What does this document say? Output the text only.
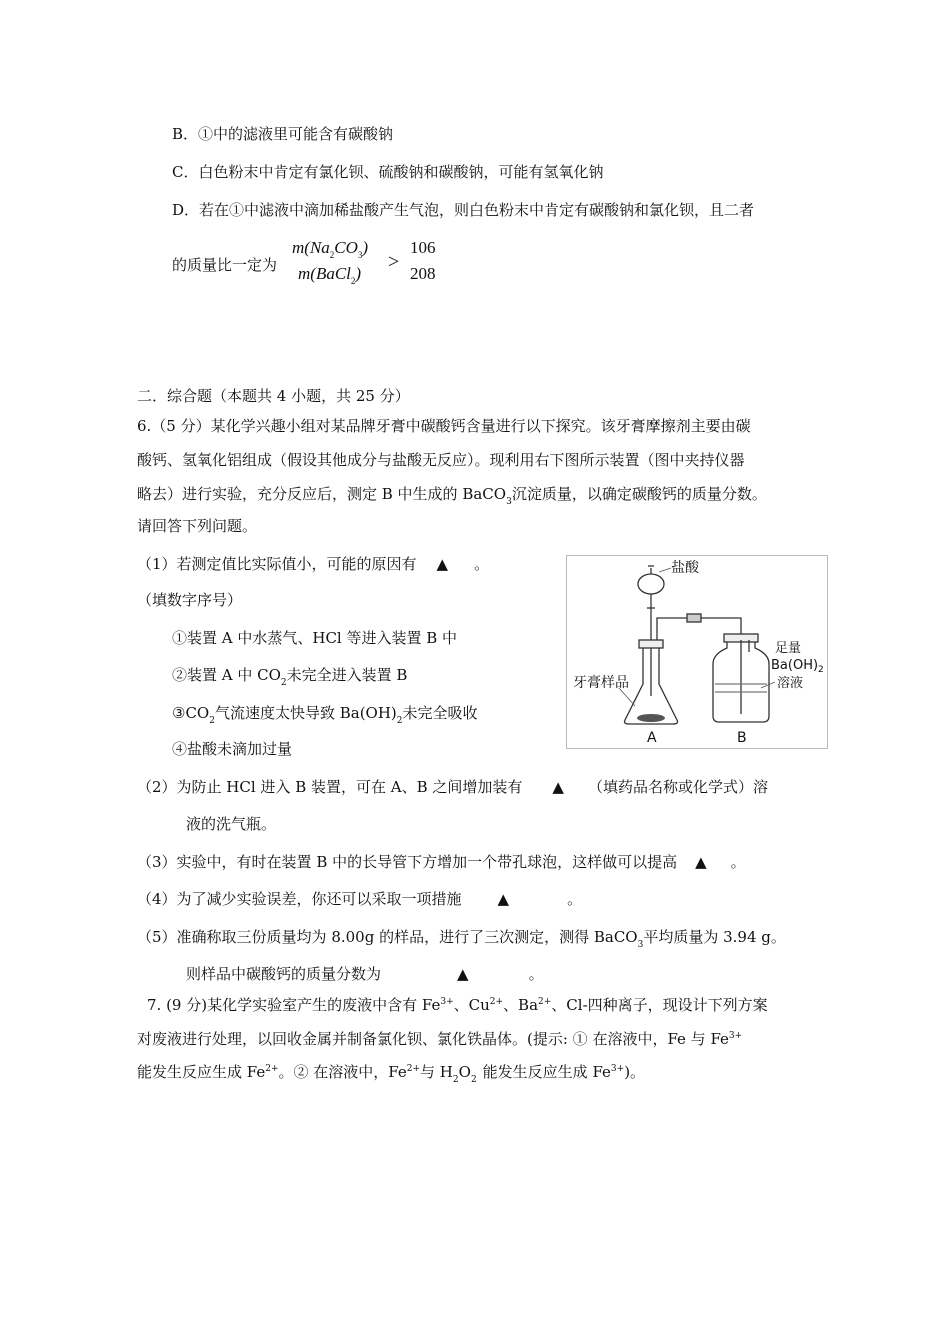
B．①中的滤液里可能含有碳酸钠
C．白色粉末中肯定有氯化钡、硫酸钠和碳酸钠，可能有氢氧化钠
D．若在①中滤液中滴加稀盐酸产生气泡，则白色粉末中肯定有碳酸钠和氯化钡，且二者
的质量比一定为
$m(Na_2CO_3)$
m(BaCl$_2$)
>
106
208
二．综合题（本题共 4 小题，共 25 分）
6.（5 分）某化学兴趣小组对某品牌牙膏中碳酸钙含量进行以下探究。该牙膏摩擦剂主要由碳
酸钙、氢氧化铝组成（假设其他成分与盐酸无反应）。现利用右下图所示装置（图中夹持仪器
略去）进行实验，充分反应后，测定 B 中生成的 BaCO$_3$沉淀质量，以确定碳酸钙的质量分数。
请回答下列问题。
（1）若测定值比实际值小，可能的原因有 ▲ 。
（填数字序号）
①装置 A 中水蒸气、HCl 等进入装置 B 中
②装置 A 中 $CO_2$未完全进入装置 B
$③CO_2$气流速度太快导致 $Ba(OH)_2$未完全吸收
④盐酸未滴加过量
（2）为防止 HCl 进入 B 装置，可在 A、B 之间增加装有 ▲ （填药品名称或化学式）溶
液的洗气瓶。
（3）实验中，有时在装置 B 中的长导管下方增加一个带孔球泡，这样做可以提高 ▲ 。
（4）为了减少实验误差，你还可以采取一项措施 ▲	。
（5）准确称取三份质量均为 8.00g 的样品，进行了三次测定，测得 BaCO$_3$平均质量为 3.94 g。
则样品中碳酸钙的质量分数为	▲	。
7. (9 分)某化学实验室产生的废液中含有 $Fe^{3+}$、$Cu^{2+}$、$Ba^{2+}$、Cl-四种离子，现设计下列方案
对废液进行处理，以回收金属并制备氯化钡、氯化铁晶体。(提示: ① 在溶液中，Fe 与 $Fe^{3+}$
能发生反应生成 $Fe^{2+}$。② 在溶液中，$Fe^{2+}$与 $H_2O_2$ 能发生反应生成 $Fe^{3+}$)。
盐酸
牙膏样品
足量
$Ba(OH)_2$
溶液
A	B
